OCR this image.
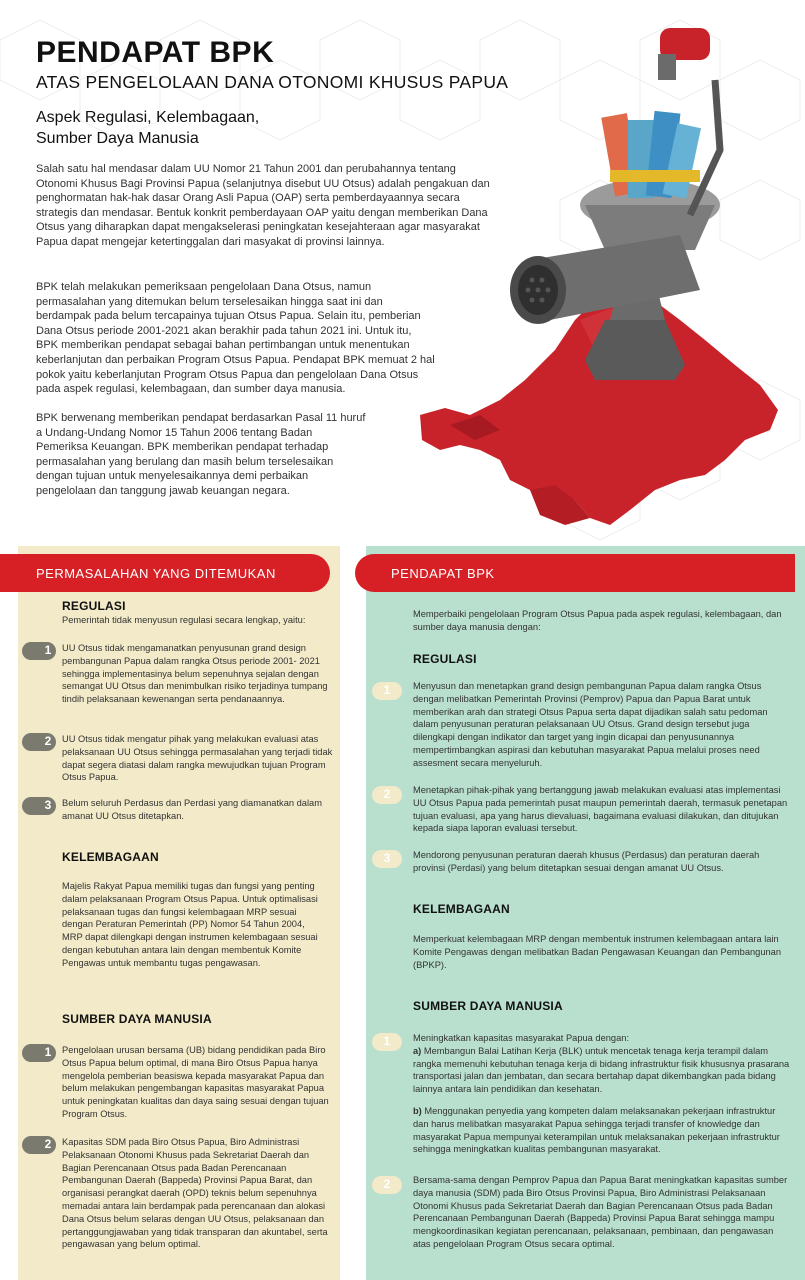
PENDAPAT BPK
ATAS PENGELOLAAN DANA OTONOMI KHUSUS PAPUA
Aspek Regulasi, Kelembagaan,
Sumber Daya Manusia

Salah satu hal mendasar dalam UU Nomor 21 Tahun 2001 dan perubahannya tentang Otonomi Khusus Bagi Provinsi Papua (selanjutnya disebut UU Otsus) adalah pengakuan dan penghormatan hak-hak dasar Orang Asli Papua (OAP) serta pemberdayaannya secara strategis dan mendasar. Bentuk konkrit pemberdayaan OAP yaitu dengan memberikan Dana Otsus yang diharapkan dapat mengakselerasi peningkatan kesejahteraan agar masyarakat Papua dapat mengejar ketertinggalan dari masyakat di provinsi lainnya.

BPK telah melakukan pemeriksaan pengelolaan Dana Otsus, namun permasalahan yang ditemukan belum terselesaikan hingga saat ini dan berdampak pada belum tercapainya tujuan Otsus Papua. Selain itu, pemberian Dana Otsus periode 2001-2021 akan berakhir pada tahun 2021 ini. Untuk itu, BPK memberikan pendapat sebagai bahan pertimbangan untuk menentukan keberlanjutan dan perbaikan Program Otsus Papua. Pendapat BPK memuat 2 hal pokok yaitu keberlanjutan Program Otsus Papua dan pengelolaan Dana Otsus pada aspek regulasi, kelembagaan, dan sumber daya manusia.

BPK berwenang memberikan pendapat berdasarkan Pasal 11 huruf a Undang-Undang Nomor 15 Tahun 2006 tentang Badan Pemeriksa Keuangan. BPK memberikan pendapat terhadap permasalahan yang berulang dan masih belum terselesaikan dengan tujuan untuk menyelesaikannya demi perbaikan pengelolaan dan tanggung jawab keuangan negara.

PERMASALAHAN YANG DITEMUKAN	PENDAPAT BPK
REGULASI
Pemerintah tidak menyusun regulasi secara lengkap, yaitu:
1	UU Otsus tidak mengamanatkan penyusunan grand design pembangunan Papua dalam rangka Otsus periode 2001- 2021 sehingga implementasinya belum sepenuhnya sejalan dengan semangat UU Otsus dan menimbulkan risiko terjadinya tumpang tindih pelaksanaan kewenangan serta pendanaannya.
2	UU Otsus tidak mengatur pihak yang melakukan evaluasi atas pelaksanaan UU Otsus sehingga permasalahan yang terjadi tidak dapat segera diatasi dalam rangka mewujudkan tujuan Program Otsus Papua.
3	Belum seluruh Perdasus dan Perdasi yang diamanatkan dalam amanat UU Otsus ditetapkan.
KELEMBAGAAN
Majelis Rakyat Papua memiliki tugas dan fungsi yang penting dalam pelaksanaan Program Otsus Papua. Untuk optimalisasi pelaksanaan tugas dan fungsi kelembagaan MRP sesuai dengan Peraturan Pemerintah (PP) Nomor 54 Tahun 2004, MRP dapat dilengkapi dengan instrumen kelembagaan sesuai dengan kebutuhan antara lain dengan membentuk Komite Pengawas untuk membantu tugas pengawasan.
SUMBER DAYA MANUSIA
1	Pengelolaan urusan bersama (UB) bidang pendidikan pada Biro Otsus Papua belum optimal, di mana Biro Otsus Papua hanya mengelola pemberian beasiswa kepada masyarakat Papua dan belum melakukan pengembangan kapasitas masyarakat Papua untuk peningkatan kualitas dan daya saing sesuai dengan tujuan Program Otsus.
2	Kapasitas SDM pada Biro Otsus Papua, Biro Administrasi Pelaksanaan Otonomi Khusus pada Sekretariat Daerah dan Bagian Perencanaan Otsus pada Badan Perencanaan Pembangunan Daerah (Bappeda) Provinsi Papua Barat, dan organisasi perangkat daerah (OPD) teknis belum sepenuhnya memadai antara lain berdampak pada perencanaan dan alokasi Dana Otsus belum selaras dengan UU Otsus, pelaksanaan dan pertanggungjawaban yang tidak transparan dan akuntabel, serta pengawasan yang belum optimal.
Memperbaiki pengelolaan Program Otsus Papua pada aspek regulasi, kelembagaan, dan sumber daya manusia dengan:
REGULASI
1	Menyusun dan menetapkan grand design pembangunan Papua dalam rangka Otsus dengan melibatkan Pemerintah Provinsi (Pemprov) Papua dan Papua Barat untuk memberikan arah dan strategi Otsus Papua serta dapat dijadikan salah satu pedoman dalam penyusunan peraturan pelaksanaan UU Otsus. Grand design tersebut juga dilengkapi dengan indikator dan target yang ingin dicapai dan penyusunannya mempertimbangkan aspirasi dan kebutuhan masyarakat Papua melalui proses need assesment secara menyeluruh.
2	Menetapkan pihak-pihak yang bertanggung jawab melakukan evaluasi atas implementasi UU Otsus Papua pada pemerintah pusat maupun pemerintah daerah, termasuk penetapan tujuan evaluasi, apa yang harus dievaluasi, bagaimana evaluasi dilakukan, dan ditujukan kepada siapa laporan evaluasi tersebut.
3	Mendorong penyusunan peraturan daerah khusus (Perdasus) dan peraturan daerah provinsi (Perdasi) yang belum ditetapkan sesuai dengan amanat UU Otsus.
KELEMBAGAAN
Memperkuat kelembagaan MRP dengan membentuk instrumen kelembagaan antara lain Komite Pengawas dengan melibatkan Badan Pengawasan Keuangan dan Pembangunan (BPKP).
SUMBER DAYA MANUSIA
1	Meningkatkan kapasitas masyarakat Papua dengan:
a) Membangun Balai Latihan Kerja (BLK) untuk mencetak tenaga kerja terampil dalam rangka memenuhi kebutuhan tenaga kerja di bidang infrastruktur fisik khususnya prasarana transportasi jalan dan jembatan, dan secara bertahap dapat dikembangkan pada bidang lainnya antara lain pendidikan dan kesehatan.
b) Menggunakan penyedia yang kompeten dalam melaksanakan pekerjaan infrastruktur dan harus melibatkan masyarakat Papua sehingga terjadi transfer of knowledge dan masyarakat Papua mempunyai keterampilan untuk melaksanakan pekerjaan infrastruktur sehingga meningkatkan kualitas pembangunan masyarakat.
2	Bersama-sama dengan Pemprov Papua dan Papua Barat meningkatkan kapasitas sumber daya manusia (SDM) pada Biro Otsus Provinsi Papua, Biro Administrasi Pelaksanaan Otonomi Khusus pada Sekretariat Daerah dan Bagian Perencanaan Otsus pada Badan Perencanaan Pembangunan Daerah (Bappeda) Provinsi Papua Barat sehingga mampu mengkoordinasikan kegiatan perencanaan, pelaksanaan, pembinaan, dan pengawasan atas pengelolaan Program Otsus secara optimal.
